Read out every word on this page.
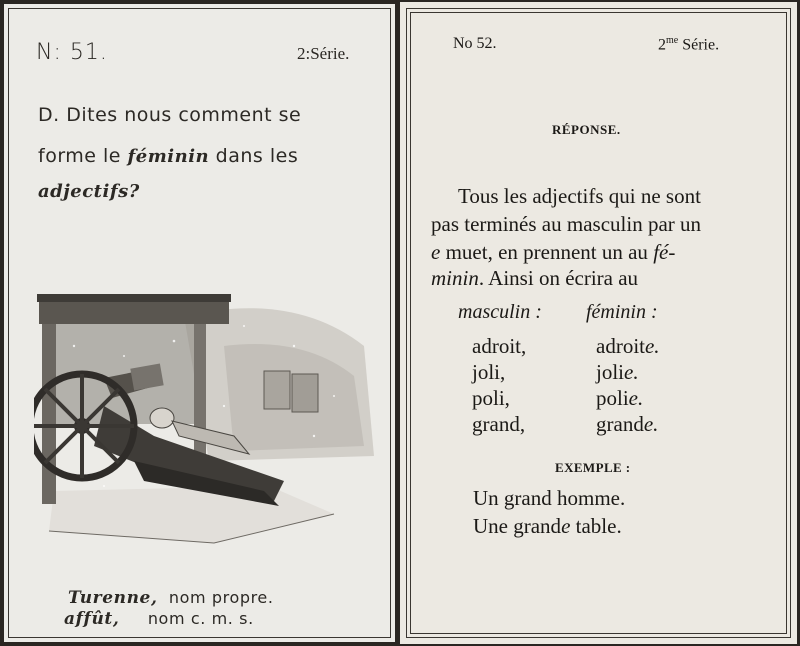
N: 51.	2:Série.
D. Dites nous comment se
forme le féminin dans les
adjectifs?
Turenne, nom propre.
affût, nom c. m. s.
No 52.	$2^{me}$ Série.
RÉPONSE.
Tous les adjectifs qui ne sont
pas terminés au masculin par un
e muet, en prennent un au fé-
minin. Ainsi on écrira au
masculin : féminin :
adroit,	adroite.
joli,	jolie.
poli,	polie.
grand,	grande.
EXEMPLE :
Un grand homme.
Une grande table.
